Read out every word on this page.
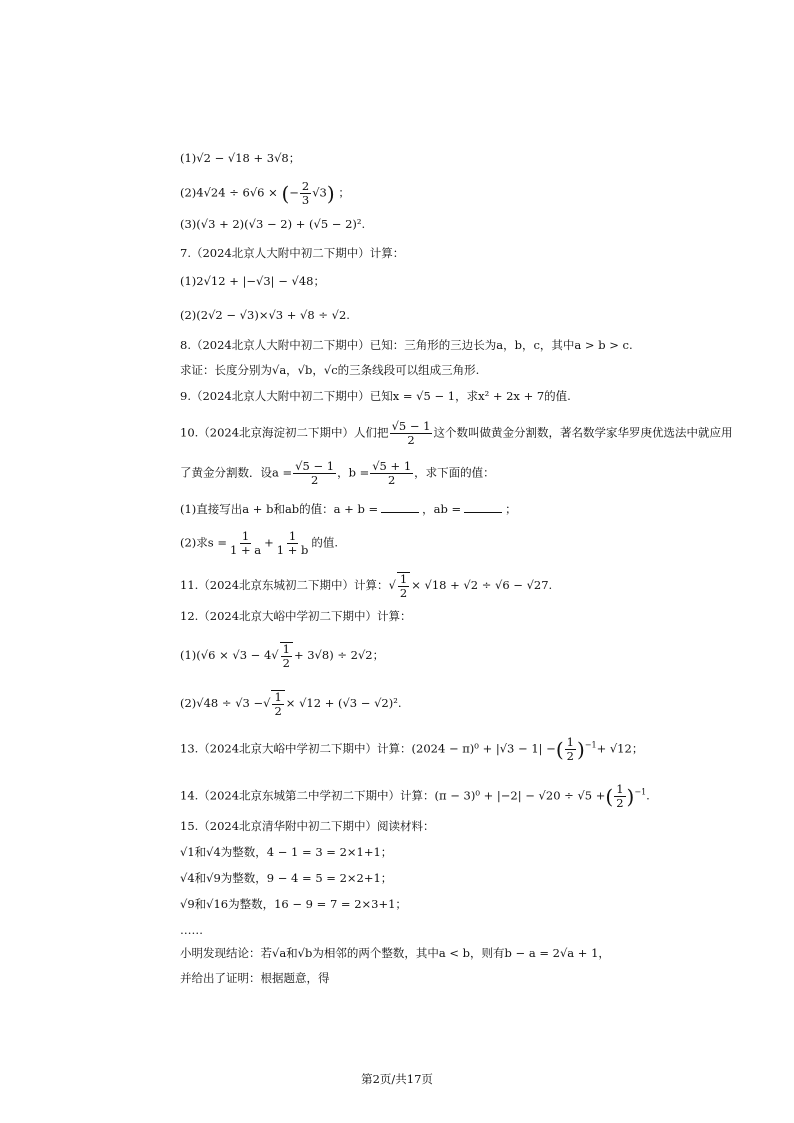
(1)√2 − √18 + 3√8；
(2)4√24 ÷ 6√6 × (− $\frac{2}{3} √3$) ；
(3)(√3 + 2)(√3 − 2) + (√5 − 2)².
7.（2024北京人大附中初二下期中）计算：
(1)2√12 + |−√3| − √48；
(2)(2√2 − √3)×√3 + √8 ÷ √2.
8.（2024北京人大附中初二下期中）已知：三角形的三边长为a，b，c，其中a > b > c.
求证：长度分别为√a，√b，√c的三条线段可以组成三角形.
9.（2024北京人大附中初二下期中）已知x = √5 − 1，求x² + 2x + 7的值.
10.（2024北京海淀初二下期中）人们把 $\frac{√5 - 1}{2}$ 这个数叫做黄金分割数，著名数学家华罗庚优选法中就应用
了黄金分割数．设$a = \frac{√5 - 1}{2}$ ，$b = \frac{√5 + 1}{2}$ ，求下面的值：
(1)直接写出a + b和ab的值：a + b =	，ab =	；
(2)求$s = \frac{1}{1 + a} + \frac{1}{1 + b}$ 的值.
11.（2024北京东城初二下期中）计算：√ $\frac{1}{2} \times √18 + √2 \div √6 - √27$.
12.（2024北京大峪中学初二下期中）计算：
$(1)(√6 \times √3 - 4√ \frac{1}{2} + 3√8) \div 2√2$；
(2)√48 ÷ √3 −√ $\frac{1}{2} \times √12 + (√3 - √2)^2$.
13.（2024北京大峪中学初二下期中）计算：(2024 − π)⁰ + |√3 − 1| −( $\frac{1}{2} )^{-1}+ √12$；
14.（2024北京东城第二中学初二下期中）计算：(π − 3)⁰ + |−2| − √20 ÷ √5 +( $\frac{1}{2} )^{-1}$.
15.（2024北京清华附中初二下期中）阅读材料：
√1和√4为整数，4 − 1 = 3 = 2×1+1；
√4和√9为整数，9 − 4 = 5 = 2×2+1；
√9和√16为整数，16 − 9 = 7 = 2×3+1；
……
小明发现结论：若√a和√b为相邻的两个整数，其中a < b，则有b − a = 2√a + 1，
并给出了证明：根据题意，得
第2页/共17页
